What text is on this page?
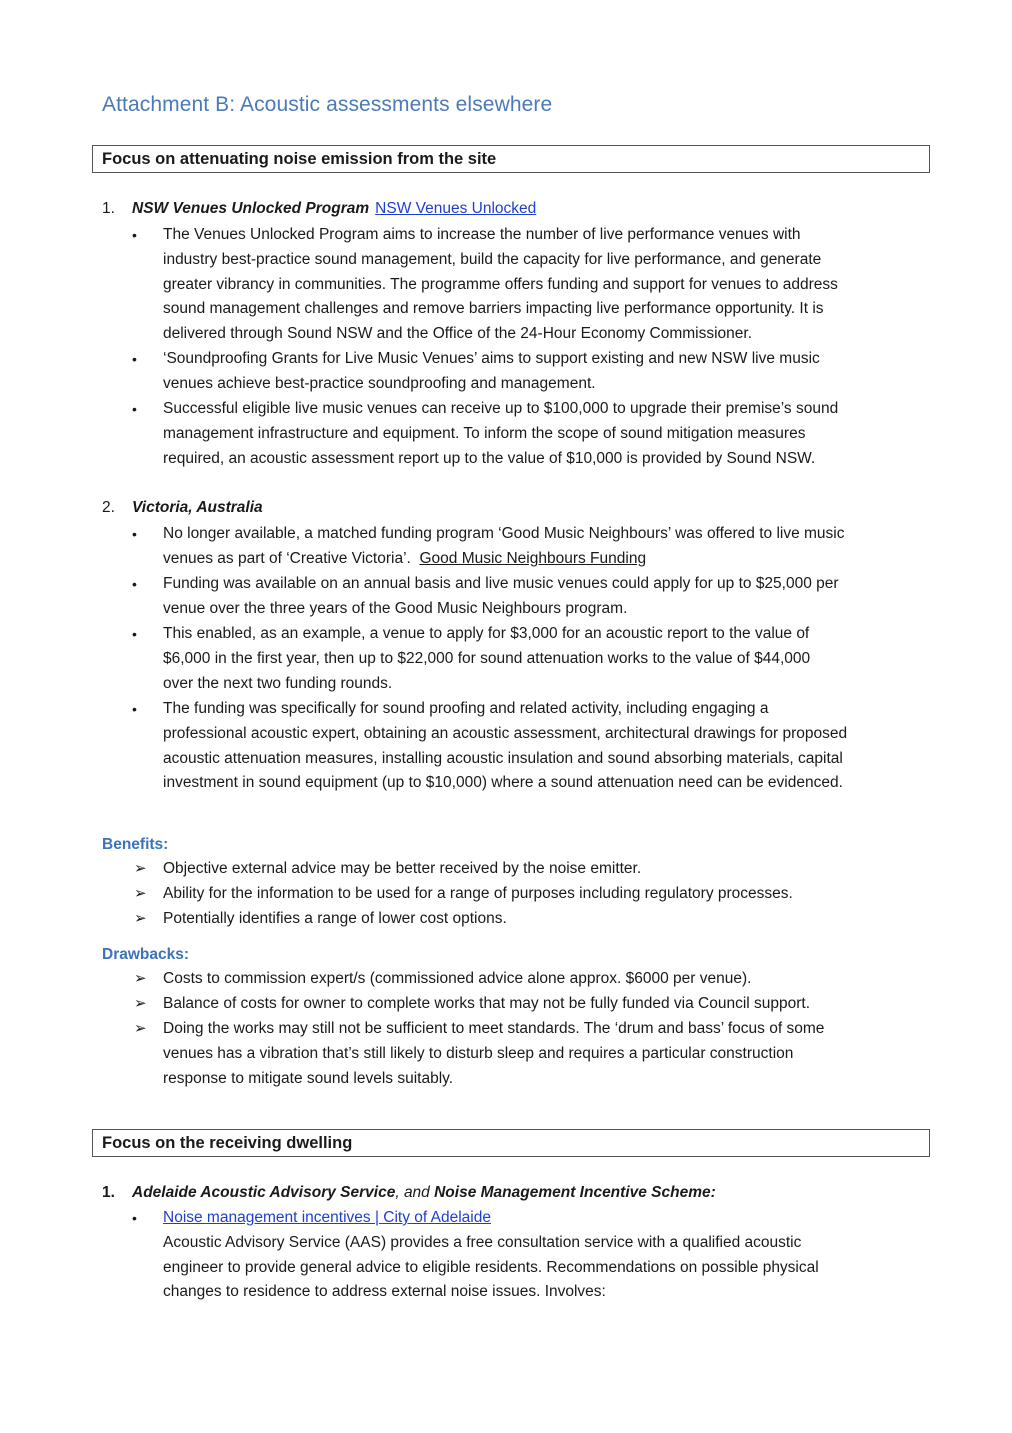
Attachment B: Acoustic assessments elsewhere
Focus on attenuating noise emission from the site
1. NSW Venues Unlocked Program NSW Venues Unlocked
•	The Venues Unlocked Program aims to increase the number of live performance venues with
industry best-practice sound management, build the capacity for live performance, and generate
greater vibrancy in communities. The programme offers funding and support for venues to address
sound management challenges and remove barriers impacting live performance opportunity. It is
delivered through Sound NSW and the Office of the 24-Hour Economy Commissioner.
•	‘Soundproofing Grants for Live Music Venues’ aims to support existing and new NSW live music
venues achieve best-practice soundproofing and management.
•	Successful eligible live music venues can receive up to $100,000 to upgrade their premise’s sound
management infrastructure and equipment. To inform the scope of sound mitigation measures
required, an acoustic assessment report up to the value of $10,000 is provided by Sound NSW.
2. Victoria, Australia
•	No longer available, a matched funding program ‘Good Music Neighbours’ was offered to live music
venues as part of ‘Creative Victoria’. Good Music Neighbours Funding
•	Funding was available on an annual basis and live music venues could apply for up to $25,000 per
venue over the three years of the Good Music Neighbours program.
•	This enabled, as an example, a venue to apply for $3,000 for an acoustic report to the value of
$6,000 in the first year, then up to $22,000 for sound attenuation works to the value of $44,000
over the next two funding rounds.
•	The funding was specifically for sound proofing and related activity, including engaging a
professional acoustic expert, obtaining an acoustic assessment, architectural drawings for proposed
acoustic attenuation measures, installing acoustic insulation and sound absorbing materials, capital
investment in sound equipment (up to $10,000) where a sound attenuation need can be evidenced.
Benefits:
➢ Objective external advice may be better received by the noise emitter.
➢ Ability for the information to be used for a range of purposes including regulatory processes.
➢ Potentially identifies a range of lower cost options.
Drawbacks:
➢ Costs to commission expert/s (commissioned advice alone approx. $6000 per venue).
➢ Balance of costs for owner to complete works that may not be fully funded via Council support.
➢ Doing the works may still not be sufficient to meet standards. The ‘drum and bass’ focus of some
venues has a vibration that’s still likely to disturb sleep and requires a particular construction
response to mitigate sound levels suitably.
Focus on the receiving dwelling
1. Adelaide Acoustic Advisory Service, and Noise Management Incentive Scheme:
•	Noise management incentives | City of Adelaide
Acoustic Advisory Service (AAS) provides a free consultation service with a qualified acoustic
engineer to provide general advice to eligible residents. Recommendations on possible physical
changes to residence to address external noise issues. Involves:
